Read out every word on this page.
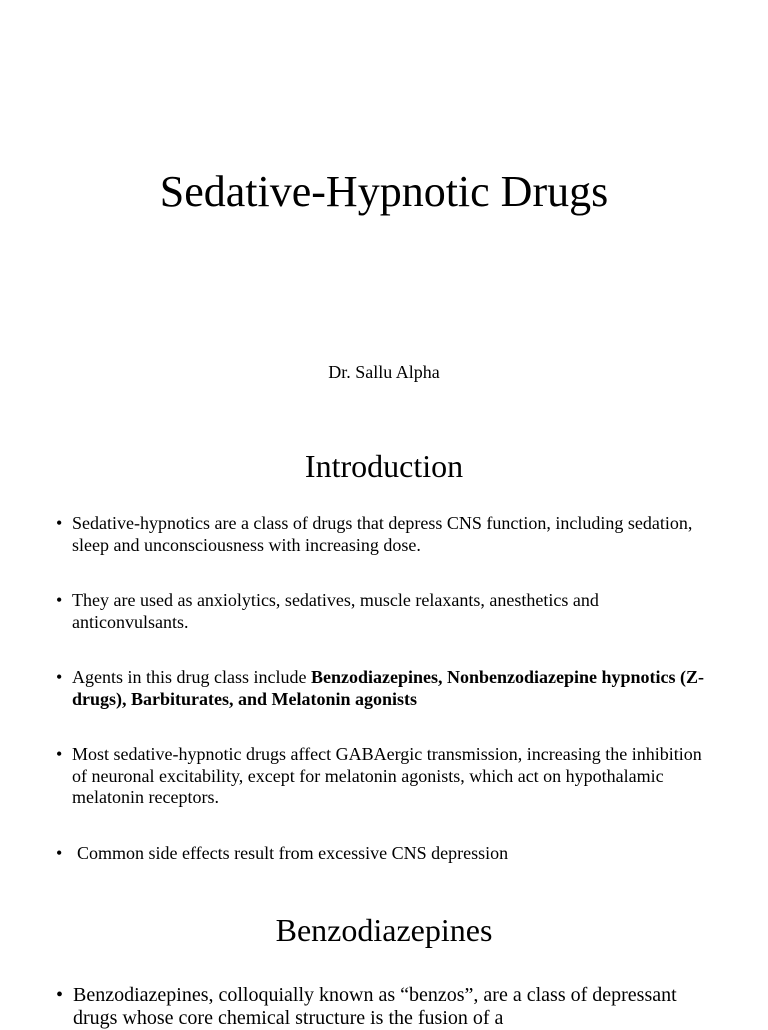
Sedative-Hypnotic Drugs
Dr. Sallu Alpha
Introduction
• Sedative-hypnotics are a class of drugs that depress CNS function, including sedation, sleep and unconsciousness with increasing dose.
• They are used as anxiolytics, sedatives, muscle relaxants, anesthetics and anticonvulsants.
• Agents in this drug class include Benzodiazepines, Nonbenzodiazepine hypnotics (Z-drugs), Barbiturates, and Melatonin agonists
• Most sedative-hypnotic drugs affect GABAergic transmission, increasing the inhibition of neuronal excitability, except for melatonin agonists, which act on hypothalamic melatonin receptors.
• Common side effects result from excessive CNS depression
Benzodiazepines
• Benzodiazepines, colloquially known as “benzos”, are a class of depressant drugs whose core chemical structure is the fusion of a
